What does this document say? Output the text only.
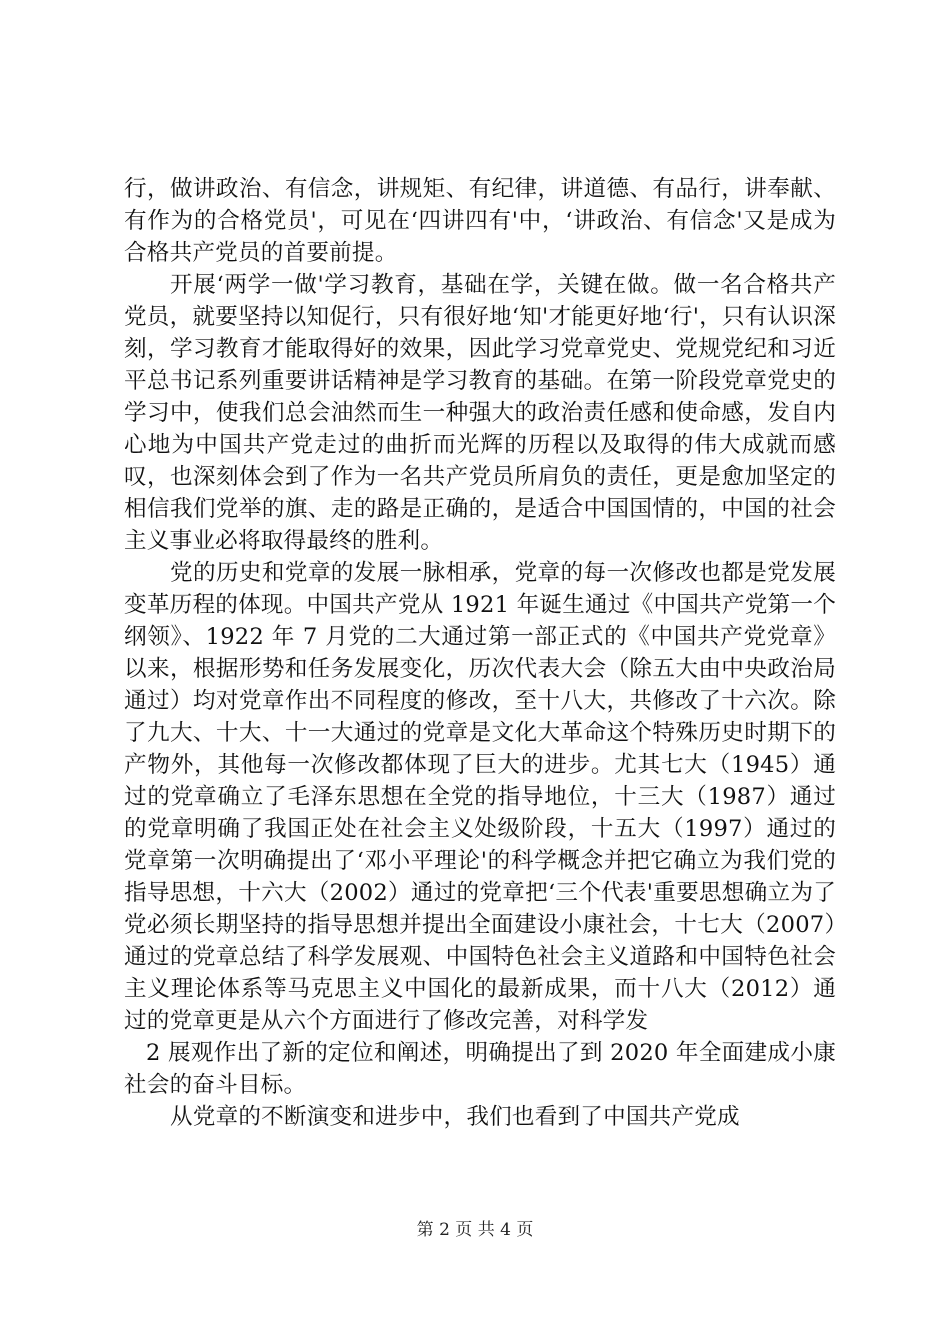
行，做讲政治、有信念，讲规矩、有纪律，讲道德、有品行，讲奉献、有作为的合格党员'，可见在‘四讲四有'中，‘讲政治、有信念'又是成为合格共产党员的首要前提。

开展‘两学一做'学习教育，基础在学，关键在做。做一名合格共产党员，就要坚持以知促行，只有很好地‘知'才能更好地‘行'，只有认识深刻，学习教育才能取得好的效果，因此学习党章党史、党规党纪和习近平总书记系列重要讲话精神是学习教育的基础。在第一阶段党章党史的学习中，使我们总会油然而生一种强大的政治责任感和使命感，发自内心地为中国共产党走过的曲折而光辉的历程以及取得的伟大成就而感叹，也深刻体会到了作为一名共产党员所肩负的责任，更是愈加坚定的相信我们党举的旗、走的路是正确的，是适合中国国情的，中国的社会主义事业必将取得最终的胜利。

党的历史和党章的发展一脉相承，党章的每一次修改也都是党发展变革历程的体现。中国共产党从 1921 年诞生通过《中国共产党第一个纲领》、1922 年 7 月党的二大通过第一部正式的《中国共产党党章》以来，根据形势和任务发展变化，历次代表大会（除五大由中央政治局通过）均对党章作出不同程度的修改，至十八大，共修改了十六次。除了九大、十大、十一大通过的党章是文化大革命这个特殊历史时期下的产物外，其他每一次修改都体现了巨大的进步。尤其七大（1945）通过的党章确立了毛泽东思想在全党的指导地位，十三大（1987）通过的党章明确了我国正处在社会主义处级阶段，十五大（1997）通过的党章第一次明确提出了‘邓小平理论'的科学概念并把它确立为我们党的指导思想，十六大（2002）通过的党章把‘三个代表'重要思想确立为了党必须长期坚持的指导思想并提出全面建设小康社会，十七大（2007）通过的党章总结了科学发展观、中国特色社会主义道路和中国特色社会主义理论体系等马克思主义中国化的最新成果，而十八大（2012）通过的党章更是从六个方面进行了修改完善，对科学发

2 展观作出了新的定位和阐述，明确提出了到 2020 年全面建成小康社会的奋斗目标。

从党章的不断演变和进步中，我们也看到了中国共产党成

第 2 页 共 4 页
